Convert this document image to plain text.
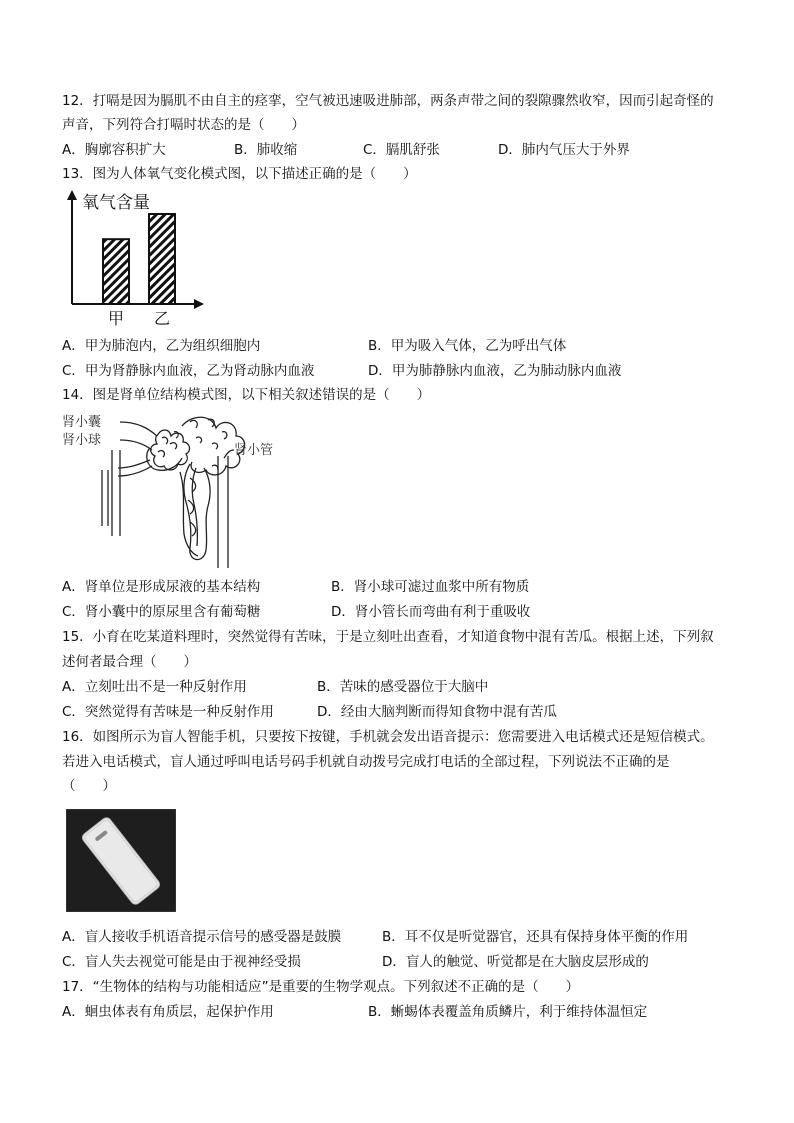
12．打嗝是因为膈肌不由自主的痉挛，空气被迅速吸进肺部，两条声带之间的裂隙骤然收窄，因而引起奇怪的
声音，下列符合打嗝时状态的是（　　）
A．胸廓容积扩大	B．肺收缩	C．膈肌舒张	D．肺内气压大于外界
13．图为人体氧气变化模式图，以下描述正确的是（　　）
氧气含量
甲 乙
A．甲为肺泡内，乙为组织细胞内	B．甲为吸入气体，乙为呼出气体
C．甲为肾静脉内血液，乙为肾动脉内血液	D．甲为肺静脉内血液，乙为肺动脉内血液
14．图是肾单位结构模式图，以下相关叙述错误的是（　　）
肾小囊
肾小球
肾小管
A．肾单位是形成尿液的基本结构	B．肾小球可滤过血浆中所有物质
C．肾小囊中的原尿里含有葡萄糖	D．肾小管长而弯曲有利于重吸收
15．小育在吃某道料理时，突然觉得有苦味，于是立刻吐出查看，才知道食物中混有苦瓜。根据上述，下列叙
述何者最合理（　　）
A．立刻吐出不是一种反射作用	B．苦味的感受器位于大脑中
C．突然觉得有苦味是一种反射作用	D．经由大脑判断而得知食物中混有苦瓜
16．如图所示为盲人智能手机，只要按下按键，手机就会发出语音提示：您需要进入电话模式还是短信模式。
若进入电话模式，盲人通过呼叫电话号码手机就自动拨号完成打电话的全部过程，下列说法不正确的是
（　　）
A．盲人接收手机语音提示信号的感受器是鼓膜	B．耳不仅是听觉器官，还具有保持身体平衡的作用
C．盲人失去视觉可能是由于视神经受损	D．盲人的触觉、听觉都是在大脑皮层形成的
17．“生物体的结构与功能相适应”是重要的生物学观点。下列叙述不正确的是（　　）
A．蛔虫体表有角质层，起保护作用	B．蜥蜴体表覆盖角质鳞片，利于维持体温恒定
